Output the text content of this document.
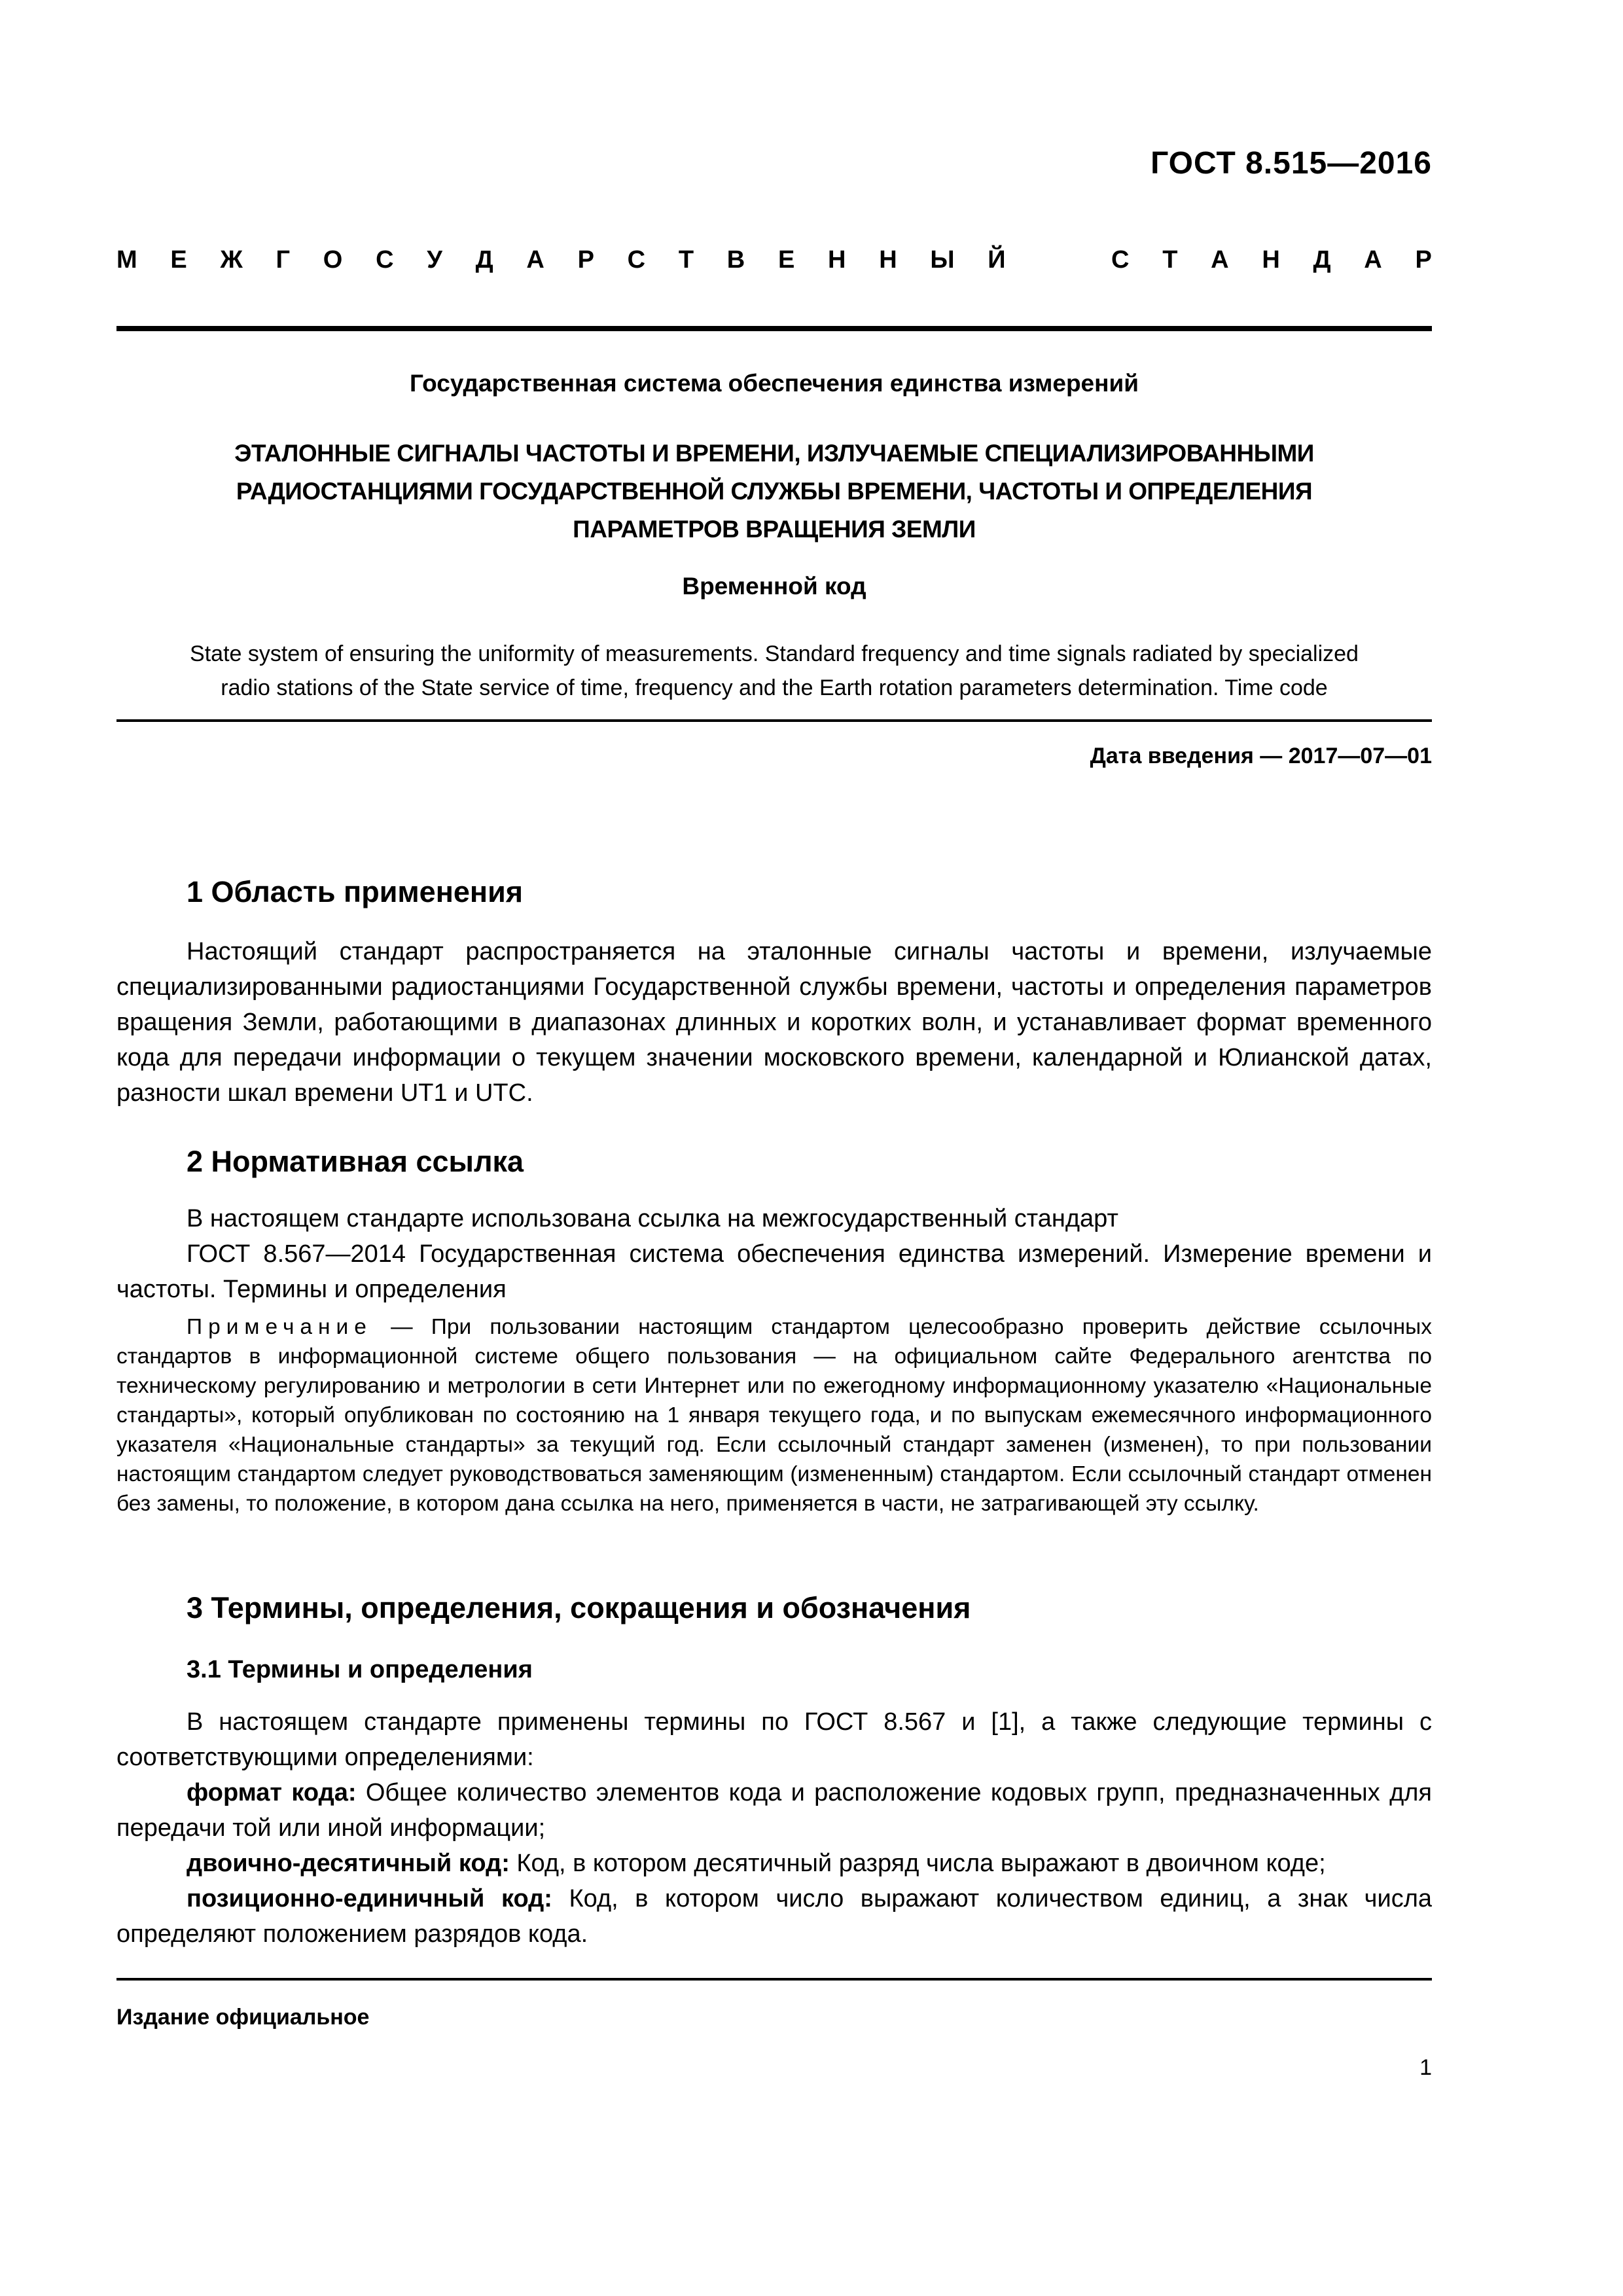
ГОСТ 8.515—2016
М Е Ж Г О С У Д А Р С Т В Е Н Н Ы Й	С Т А Н Д А Р
Государственная система обеспечения единства измерений
ЭТАЛОННЫЕ СИГНАЛЫ ЧАСТОТЫ И ВРЕМЕНИ, ИЗЛУЧАЕМЫЕ СПЕЦИАЛИЗИРОВАННЫМИ
РАДИОСТАНЦИЯМИ ГОСУДАРСТВЕННОЙ СЛУЖБЫ ВРЕМЕНИ, ЧАСТОТЫ И ОПРЕДЕЛЕНИЯ
ПАРАМЕТРОВ ВРАЩЕНИЯ ЗЕМЛИ
Временной код
State system of ensuring the uniformity of measurements. Standard frequency and time signals radiated by specialized
radio stations of the State service of time, frequency and the Earth rotation parameters determination. Time code
Дата введения — 2017—07—01
1 Область применения
Настоящий стандарт распространяется на эталонные сигналы частоты и времени, излучаемые специализированными радиостанциями Государственной службы времени, частоты и определения параметров вращения Земли, работающими в диапазонах длинных и коротких волн, и устанавливает формат временного кода для передачи информации о текущем значении московского времени, календарной и Юлианской датах, разности шкал времени UT1 и UTC.
2 Нормативная ссылка
В настоящем стандарте использована ссылка на межгосударственный стандарт
ГОСТ 8.567—2014 Государственная система обеспечения единства измерений. Измерение времени и частоты. Термины и определения
Примечание — При пользовании настоящим стандартом целесообразно проверить действие ссылочных стандартов в информационной системе общего пользования — на официальном сайте Федерального агентства по техническому регулированию и метрологии в сети Интернет или по ежегодному информационному указателю «Национальные стандарты», который опубликован по состоянию на 1 января текущего года, и по выпускам ежемесячного информационного указателя «Национальные стандарты» за текущий год. Если ссылочный стандарт заменен (изменен), то при пользовании настоящим стандартом следует руководствоваться заменяющим (измененным) стандартом. Если ссылочный стандарт отменен без замены, то положение, в котором дана ссылка на него, применяется в части, не затрагивающей эту ссылку.
3 Термины, определения, сокращения и обозначения
3.1 Термины и определения
В настоящем стандарте применены термины по ГОСТ 8.567 и [1], а также следующие термины с соответствующими определениями:
формат кода: Общее количество элементов кода и расположение кодовых групп, предназначенных для передачи той или иной информации;
двоично-десятичный код: Код, в котором десятичный разряд числа выражают в двоичном коде;
позиционно-единичный код: Код, в котором число выражают количеством единиц, а знак числа определяют положением разрядов кода.
Издание официальное
1
